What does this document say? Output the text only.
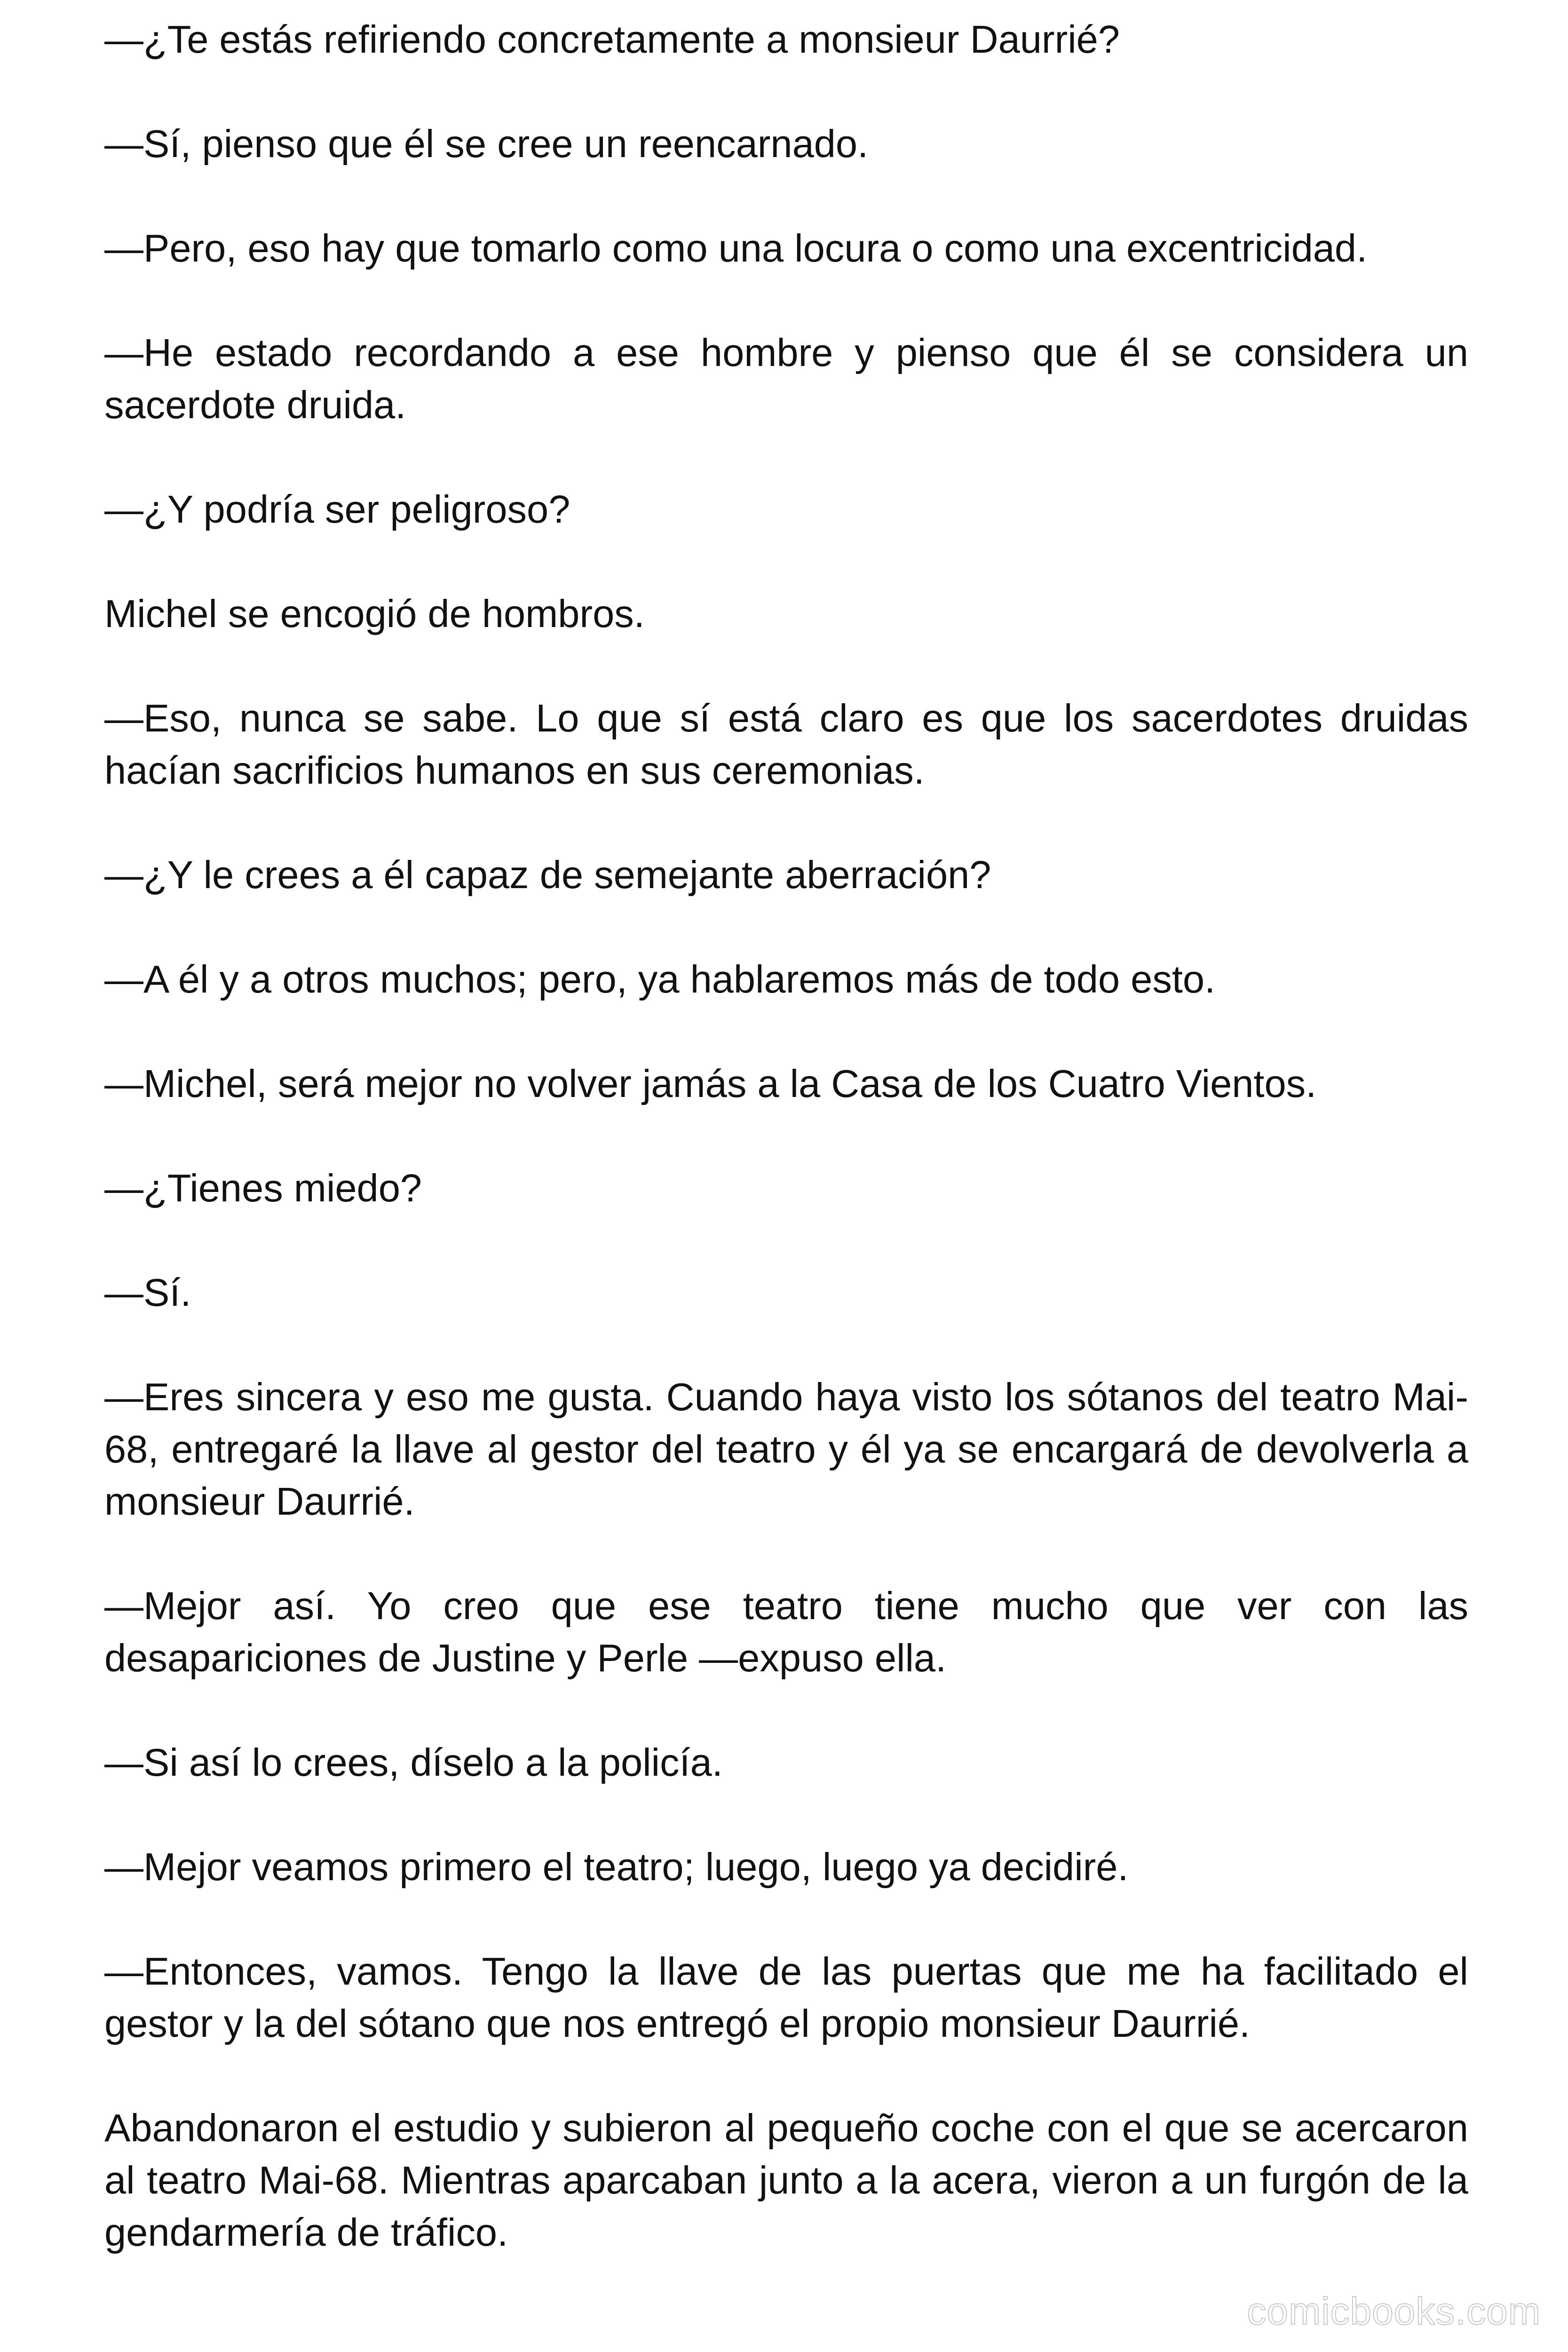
—¿Te estás refiriendo concretamente a monsieur Daurrié?

—Sí, pienso que él se cree un reencarnado.

—Pero, eso hay que tomarlo como una locura o como una excentricidad.

—He estado recordando a ese hombre y pienso que él se considera un sacerdote druida.

—¿Y podría ser peligroso?

Michel se encogió de hombros.

—Eso, nunca se sabe. Lo que sí está claro es que los sacerdotes druidas hacían sacrificios humanos en sus ceremonias.

—¿Y le crees a él capaz de semejante aberración?

—A él y a otros muchos; pero, ya hablaremos más de todo esto.

—Michel, será mejor no volver jamás a la Casa de los Cuatro Vientos.

—¿Tienes miedo?

—Sí.

—Eres sincera y eso me gusta. Cuando haya visto los sótanos del teatro Mai-68, entregaré la llave al gestor del teatro y él ya se encargará de devolverla a monsieur Daurrié.

—Mejor así. Yo creo que ese teatro tiene mucho que ver con las desapariciones de Justine y Perle —expuso ella.

—Si así lo crees, díselo a la policía.

—Mejor veamos primero el teatro; luego, luego ya decidiré.

—Entonces, vamos. Tengo la llave de las puertas que me ha facilitado el gestor y la del sótano que nos entregó el propio monsieur Daurrié.

Abandonaron el estudio y subieron al pequeño coche con el que se acercaron al teatro Mai-68. Mientras aparcaban junto a la acera, vieron a un furgón de la gendarmería de tráfico.

comicbooks.com
